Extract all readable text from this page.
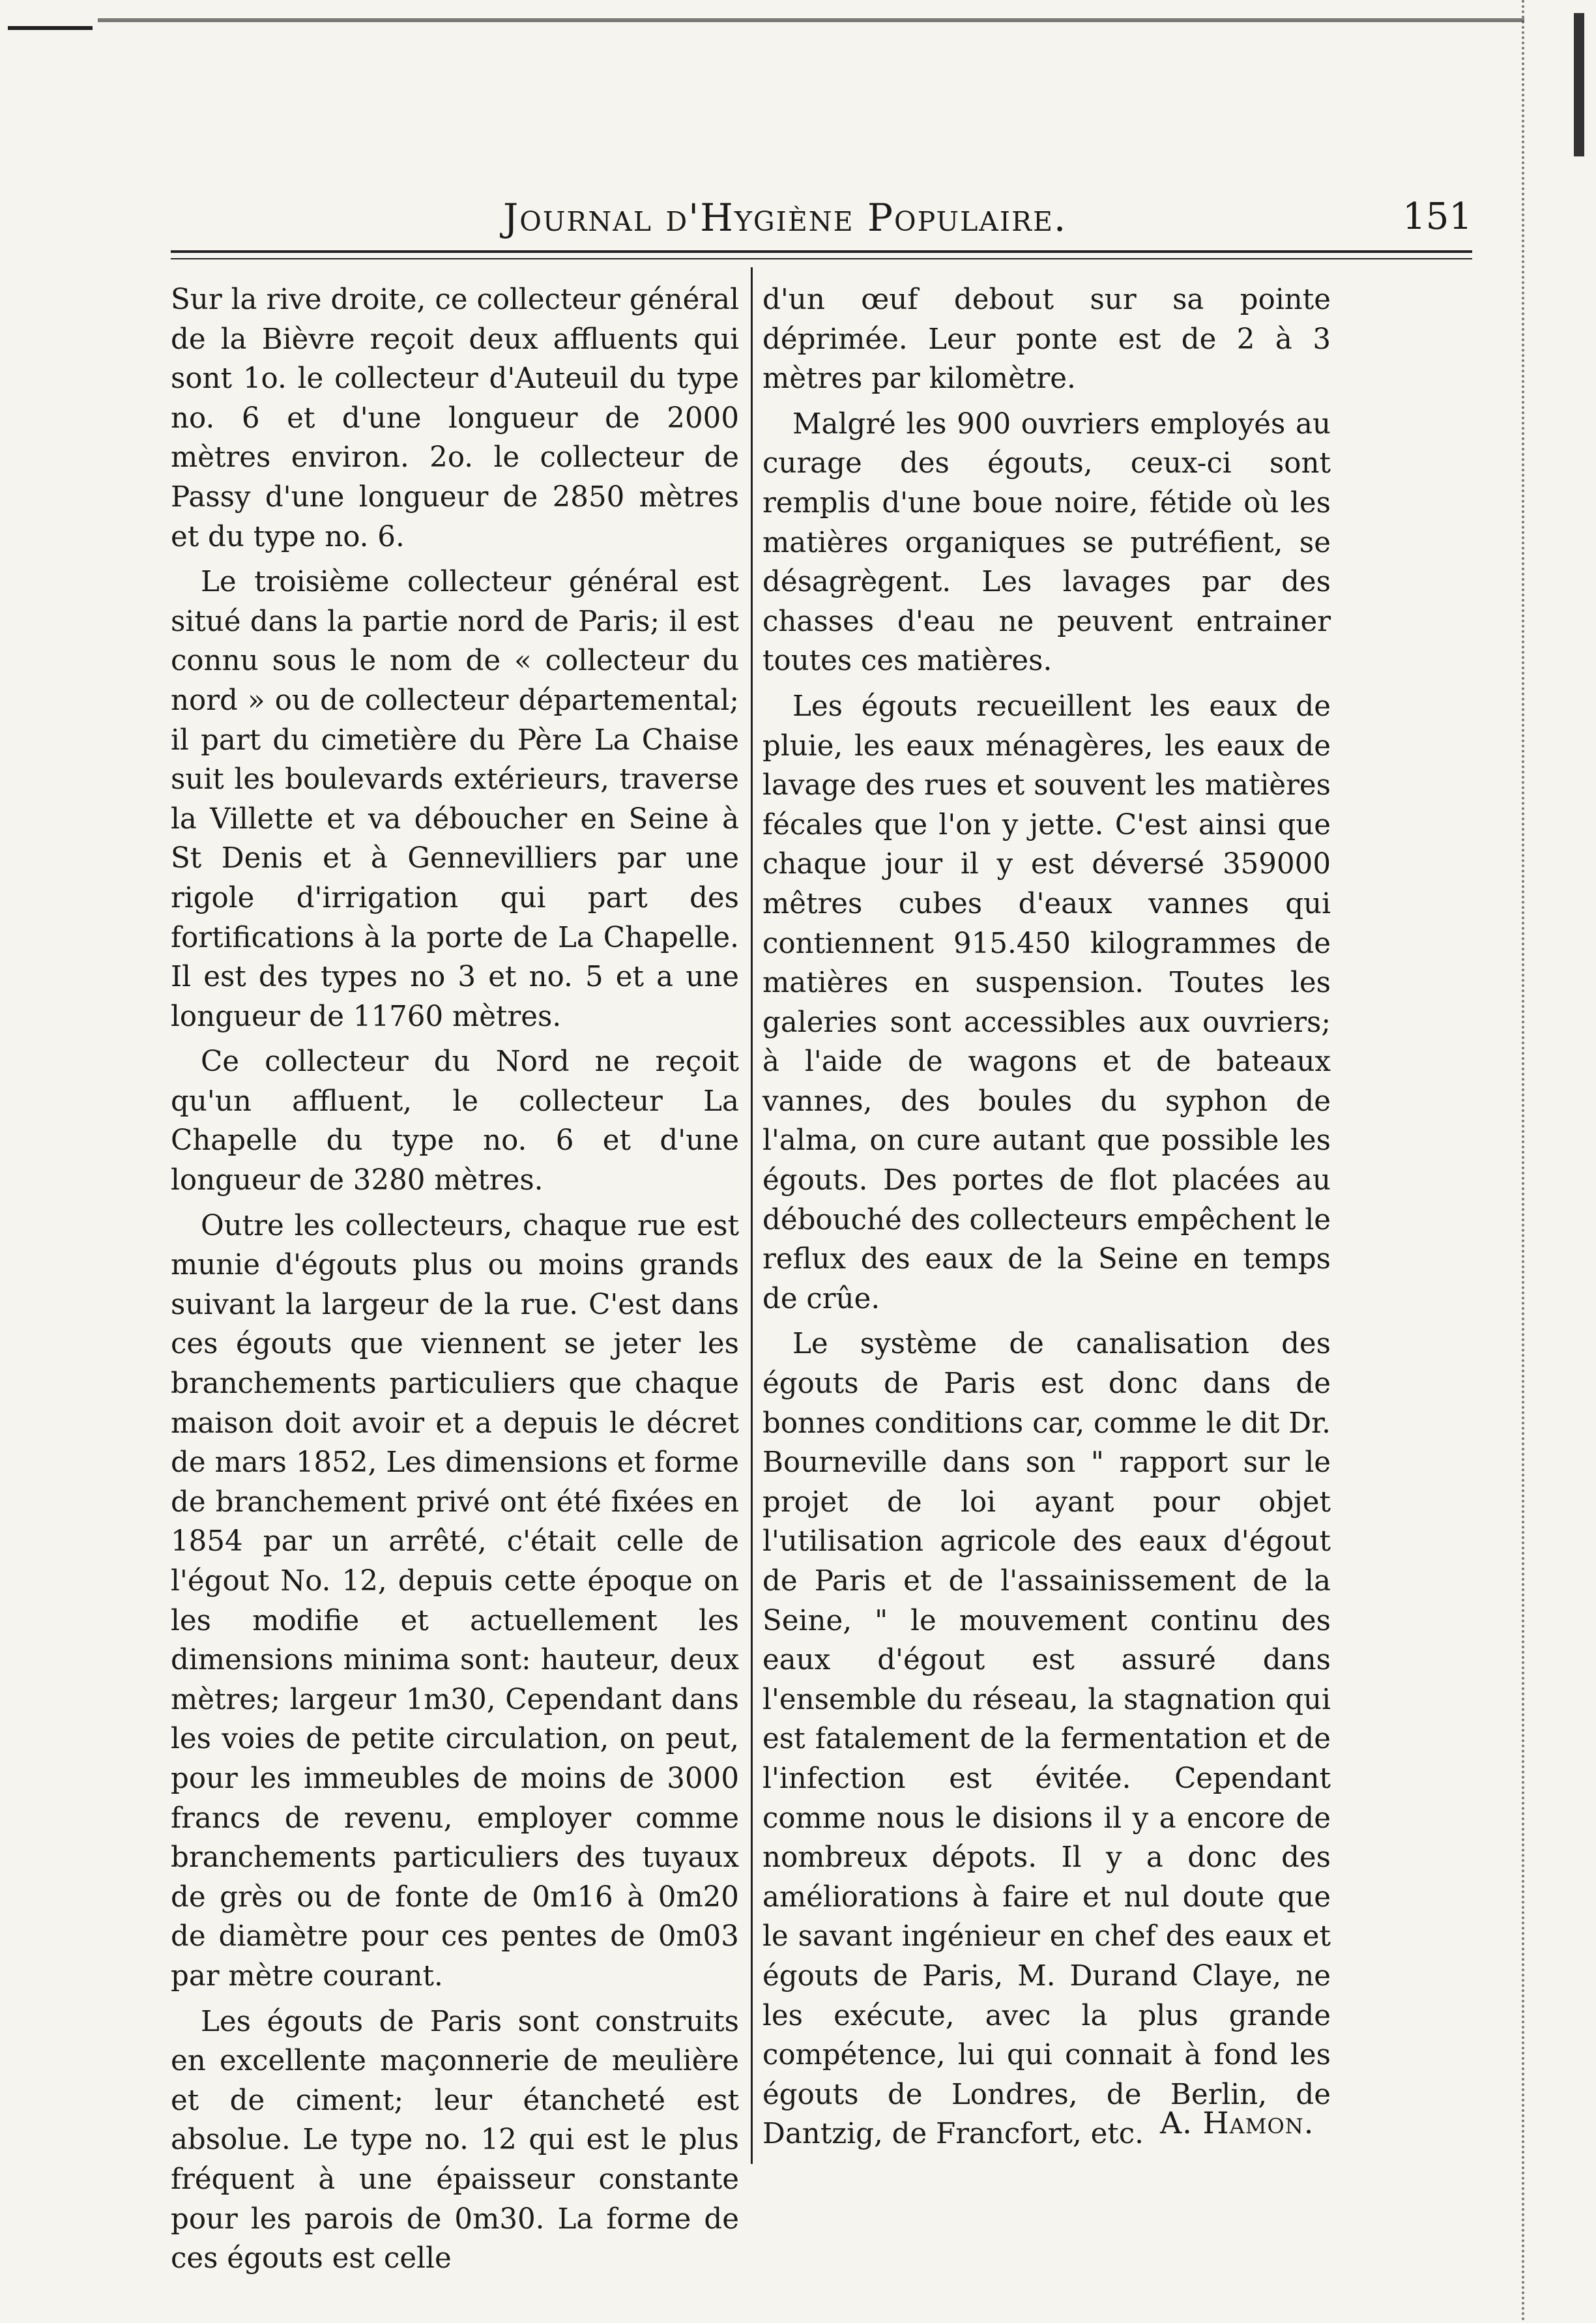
Journal d'Hygiène Populaire.	151

Sur la rive droite, ce collecteur général de la Bièvre reçoit deux affluents qui sont 1o. le collecteur d'Auteuil du type no. 6 et d'une longueur de 2000 mètres environ. 2o. le collecteur de Passy d'une longueur de 2850 mètres et du type no. 6.

Le troisième collecteur général est situé dans la partie nord de Paris; il est connu sous le nom de « collecteur du nord » ou de collecteur départemental; il part du cimetière du Père La Chaise suit les boulevards extérieurs, traverse la Villette et va déboucher en Seine à St Denis et à Gennevilliers par une rigole d'irrigation qui part des fortifications à la porte de La Chapelle. Il est des types no 3 et no. 5 et a une longueur de 11760 mètres.

Ce collecteur du Nord ne reçoit qu'un affluent, le collecteur La Chapelle du type no. 6 et d'une longueur de 3280 mètres.

Outre les collecteurs, chaque rue est munie d'égouts plus ou moins grands suivant la largeur de la rue. C'est dans ces égouts que viennent se jeter les branchements particuliers que chaque maison doit avoir et a depuis le décret de mars 1852, Les dimensions et forme de branchement privé ont été fixées en 1854 par un arrêté, c'était celle de l'égout No. 12, depuis cette époque on les modifie et actuellement les dimensions minima sont: hauteur, deux mètres; largeur 1m30, Cependant dans les voies de petite circulation, on peut, pour les immeubles de moins de 3000 francs de revenu, employer comme branchements particuliers des tuyaux de grès ou de fonte de 0m16 à 0m20 de diamètre pour ces pentes de 0m03 par mètre courant.

Les égouts de Paris sont construits en excellente maçonnerie de meulière et de ciment; leur étancheté est absolue. Le type no. 12 qui est le plus fréquent à une épaisseur constante pour les parois de 0m30. La forme de ces égouts est celle

d'un œuf debout sur sa pointe déprimée. Leur ponte est de 2 à 3 mètres par kilomètre.

Malgré les 900 ouvriers employés au curage des égouts, ceux-ci sont remplis d'une boue noire, fétide où les matières organiques se putréfient, se désagrègent. Les lavages par des chasses d'eau ne peuvent entrainer toutes ces matières.

Les égouts recueillent les eaux de pluie, les eaux ménagères, les eaux de lavage des rues et souvent les matières fécales que l'on y jette. C'est ainsi que chaque jour il y est déversé 359000 mêtres cubes d'eaux vannes qui contiennent 915.450 kilogrammes de matières en suspension. Toutes les galeries sont accessibles aux ouvriers; à l'aide de wagons et de bateaux vannes, des boules du syphon de l'alma, on cure autant que possible les égouts. Des portes de flot placées au débouché des collecteurs empêchent le reflux des eaux de la Seine en temps de crûe.

Le système de canalisation des égouts de Paris est donc dans de bonnes conditions car, comme le dit Dr. Bourneville dans son " rapport sur le projet de loi ayant pour objet l'utilisation agricole des eaux d'égout de Paris et de l'assainissement de la Seine, " le mouvement continu des eaux d'égout est assuré dans l'ensemble du réseau, la stagnation qui est fatalement de la fermentation et de l'infection est évitée. Cependant comme nous le disions il y a encore de nombreux dépots. Il y a donc des améliorations à faire et nul doute que le savant ingénieur en chef des eaux et égouts de Paris, M. Durand Claye, ne les exécute, avec la plus grande compétence, lui qui connait à fond les égouts de Londres, de Berlin, de Dantzig, de Francfort, etc. A. Hamon.
